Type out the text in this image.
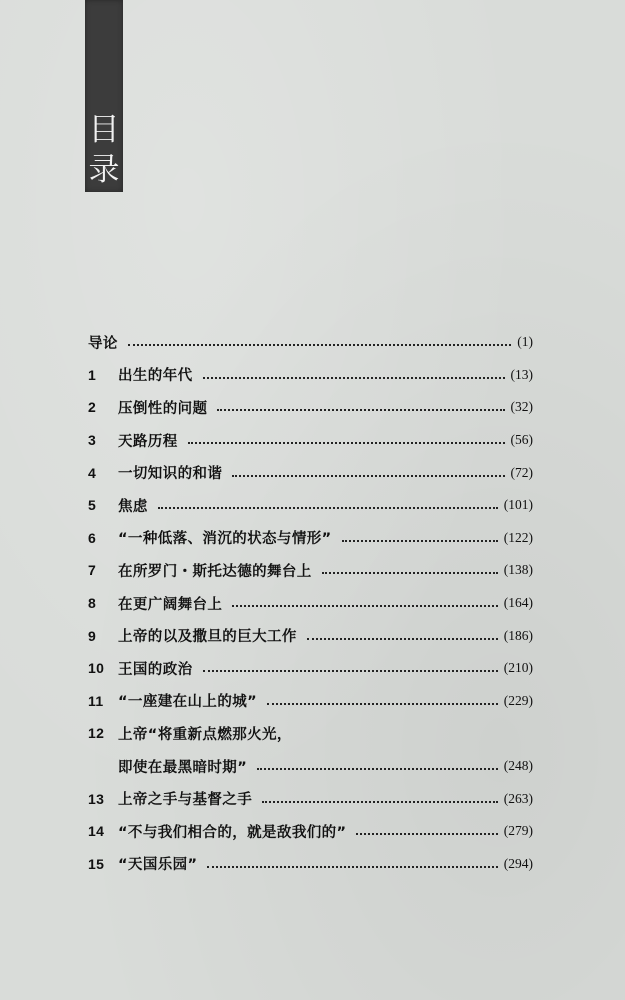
目
录
导论	(1)
1	出生的年代	(13)
2	压倒性的问题	(32)
3	天路历程	(56)
4	一切知识的和谐	(72)
5	焦虑	(101)
6	“一种低落、消沉的状态与情形”	(122)
7	在所罗门・斯托达德的舞台上	(138)
8	在更广阔舞台上	(164)
9	上帝的以及撒旦的巨大工作	(186)
10 王国的政治	(210)
11 “一座建在山上的城”	(229)
12 上帝“将重新点燃那火光，
即使在最黑暗时期”	(248)
13 上帝之手与基督之手	(263)
14 “不与我们相合的，就是敌我们的”	(279)
15 “天国乐园”	(294)
